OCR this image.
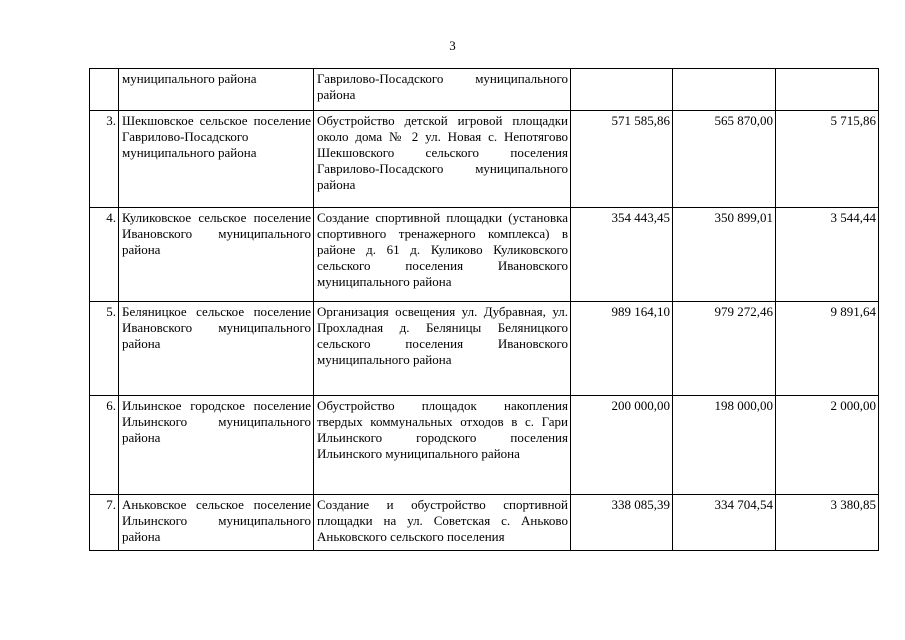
3
	муниципального района	Гаврилово-Посадского муниципального района			
3.	Шекшовское сельское поселение Гаврилово-Посадского муниципального района	Обустройство детской игровой площадки около дома № 2 ул. Новая с. Непотягово Шекшовского сельского поселения Гаврилово-Посадского муниципального района	571 585,86	565 870,00	5 715,86
4.	Куликовское сельское поселение Ивановского муниципального района	Создание спортивной площадки (установка спортивного тренажерного комплекса) в районе д. 61 д. Куликово Куликовского сельского поселения Ивановского муниципального района	354 443,45	350 899,01	3 544,44
5.	Беляницкое сельское поселение Ивановского муниципального района	Организация освещения ул. Дубравная, ул. Прохладная д. Беляницы Беляницкого сельского поселения Ивановского муниципального района	989 164,10	979 272,46	9 891,64
6.	Ильинское городское поселение Ильинского муниципального района	Обустройство площадок накопления твердых коммунальных отходов в с. Гари Ильинского городского поселения Ильинского муниципального района	200 000,00	198 000,00	2 000,00
7.	Аньковское сельское поселение Ильинского муниципального района	Создание и обустройство спортивной площадки на ул. Советская с. Аньково Аньковского сельского поселения	338 085,39	334 704,54	3 380,85
